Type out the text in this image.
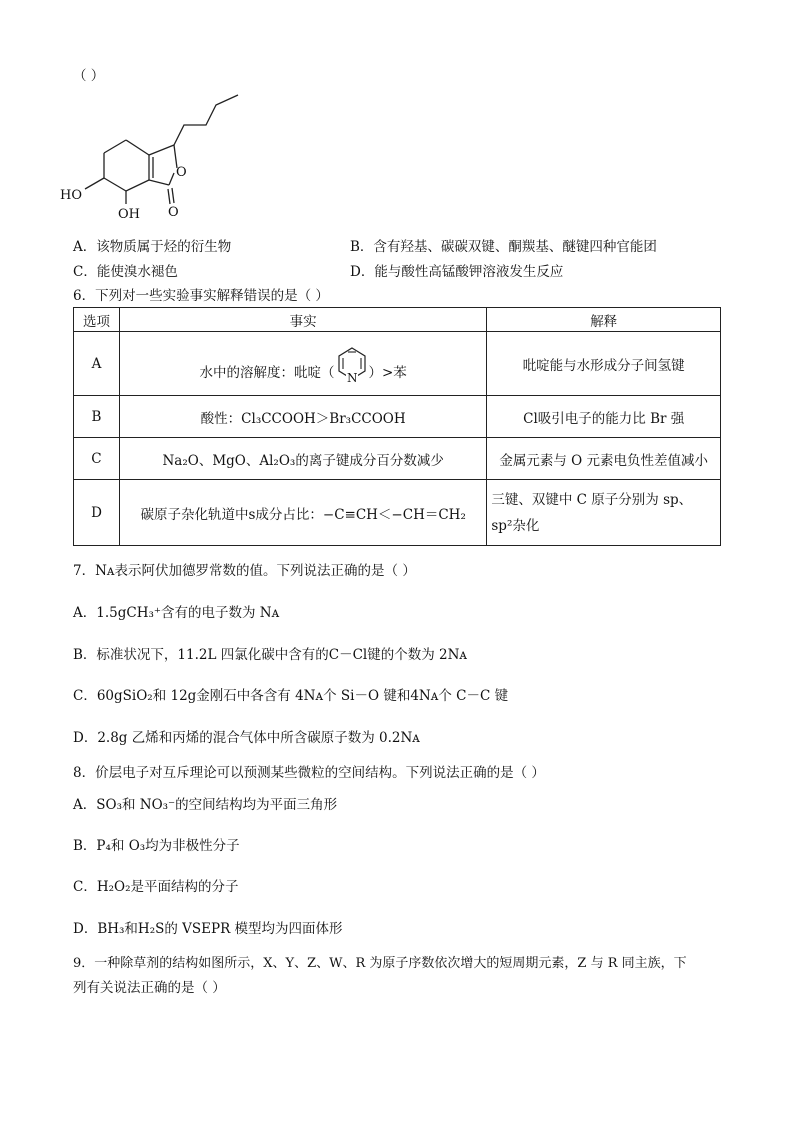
（ ）
O
O
HO
OH
A．该物质属于烃的衍生物	B．含有羟基、碳碳双键、酮羰基、醚键四种官能团
C．能使溴水褪色	D．能与酸性高锰酸钾溶液发生反应
6．下列对一些实验事实解释错误的是（ ）
选项	事实	解释
A	水中的溶解度：吡啶（ N ）>苯	吡啶能与水形成分子间氢键
B	酸性：Cl₃CCOOH＞Br₃CCOOH	Cl吸引电子的能力比 Br 强
C	Na₂O、MgO、Al₂O₃的离子键成分百分数减少	金属元素与 O 元素电负性差值减小
D	碳原子杂化轨道中s成分占比：−C≡CH＜−CH＝CH₂	三键、双键中 C 原子分别为 sp、
sp²杂化
7．Nᴀ表示阿伏加德罗常数的值。下列说法正确的是（ ）
A．1.5gCH₃⁺含有的电子数为 Nᴀ
B．标准状况下，11.2L 四氯化碳中含有的C－Cl键的个数为 2Nᴀ
C．60gSiO₂和 12g金刚石中各含有 4Nᴀ个 Si－O 键和4Nᴀ个 C－C 键
D．2.8g 乙烯和丙烯的混合气体中所含碳原子数为 0.2Nᴀ
8．价层电子对互斥理论可以预测某些微粒的空间结构。下列说法正确的是（ ）
A．SO₃和 NO₃⁻的空间结构均为平面三角形
B．P₄和 O₃均为非极性分子
C．H₂O₂是平面结构的分子
D．BH₃和H₂S的 VSEPR 模型均为四面体形
9．一种除草剂的结构如图所示，X、Y、Z、W、R 为原子序数依次增大的短周期元素，Z 与 R 同主族，下
列有关说法正确的是（ ）
